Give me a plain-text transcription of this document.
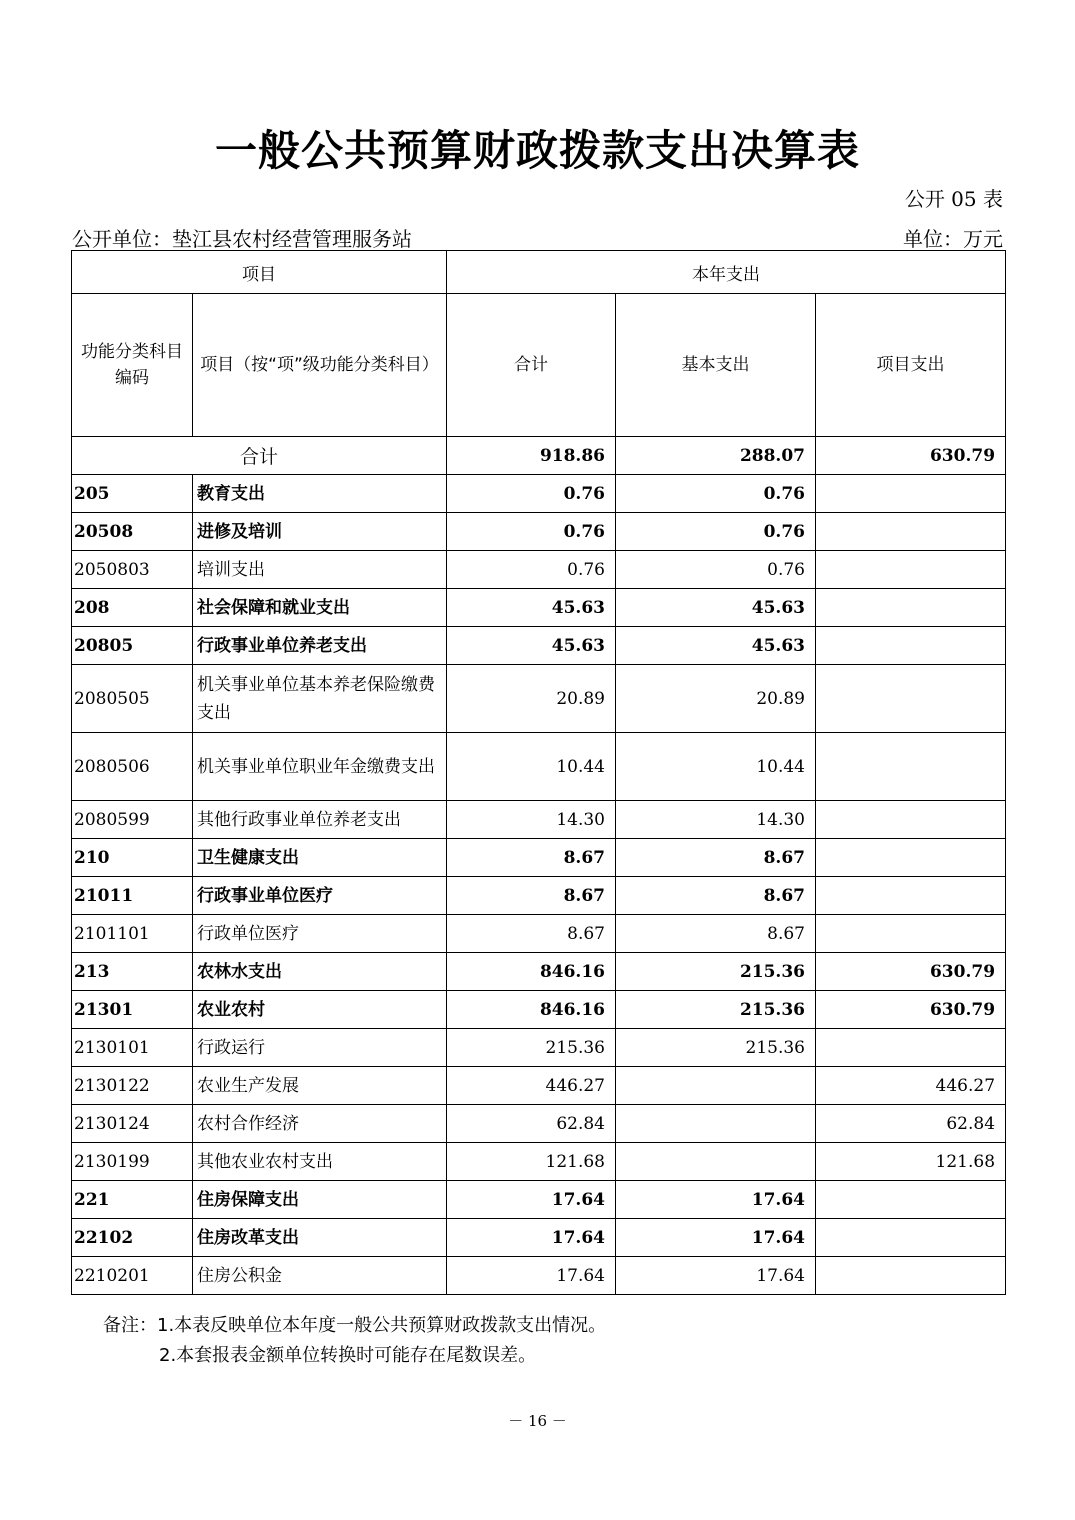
一般公共预算财政拨款支出决算表
公开 05 表
公开单位：垫江县农村经营管理服务站	单位：万元
项目		本年支出		
功能分类科目编码	项目（按“项”级功能分类科目）	合计	基本支出	项目支出
合计		918.86	288.07	630.79
205	教育支出	0.76	0.76	
20508	进修及培训	0.76	0.76	
2050803	培训支出	0.76	0.76	
208	社会保障和就业支出	45.63	45.63	
20805	行政事业单位养老支出	45.63	45.63	
2080505	机关事业单位基本养老保险缴费支出	20.89	20.89	
2080506	机关事业单位职业年金缴费支出	10.44	10.44	
2080599	其他行政事业单位养老支出	14.30	14.30	
210	卫生健康支出	8.67	8.67	
21011	行政事业单位医疗	8.67	8.67	
2101101	行政单位医疗	8.67	8.67	
213	农林水支出	846.16	215.36	630.79
21301	农业农村	846.16	215.36	630.79
2130101	行政运行	215.36	215.36	
2130122	农业生产发展	446.27		446.27
2130124	农村合作经济	62.84		62.84
2130199	其他农业农村支出	121.68		121.68
221	住房保障支出	17.64	17.64	
22102	住房改革支出	17.64	17.64	
2210201	住房公积金	17.64	17.64	
备注：1.本表反映单位本年度一般公共预算财政拨款支出情况。
2.本套报表金额单位转换时可能存在尾数误差。
－ 16 －
